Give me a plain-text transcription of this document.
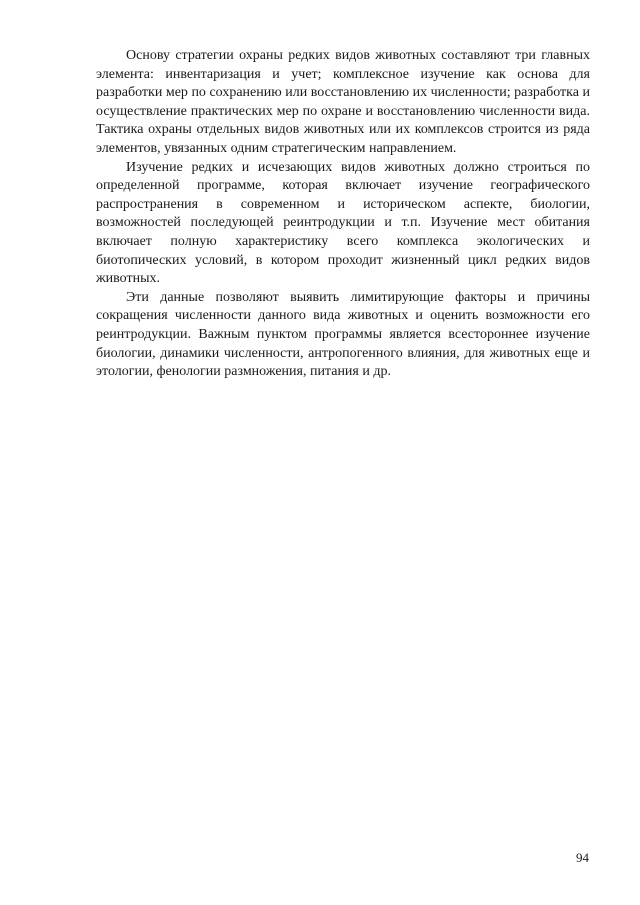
Основу стратегии охраны редких видов животных составляют три главных элемента: инвентаризация и учет; комплексное изучение как основа для разработки мер по сохранению или восстановлению их численности; разработка и осуществление практических мер по охране и восстановлению численности вида. Тактика охраны отдельных видов животных или их комплексов строится из ряда элементов, увязанных одним стратегическим направлением.

Изучение редких и исчезающих видов животных должно строиться по определенной программе, которая включает изучение географического распространения в современном и историческом аспекте, биологии, возможностей последующей реинтродукции и т.п. Изучение мест обитания включает полную характеристику всего комплекса экологических и биотопических условий, в котором проходит жизненный цикл редких видов животных.

Эти данные позволяют выявить лимитирующие факторы и причины сокращения численности данного вида животных и оценить возможности его реинтродукции. Важным пунктом программы является всестороннее изучение биологии, динамики численности, антропогенного влияния, для животных еще и этологии, фенологии размножения, питания и др.

94
